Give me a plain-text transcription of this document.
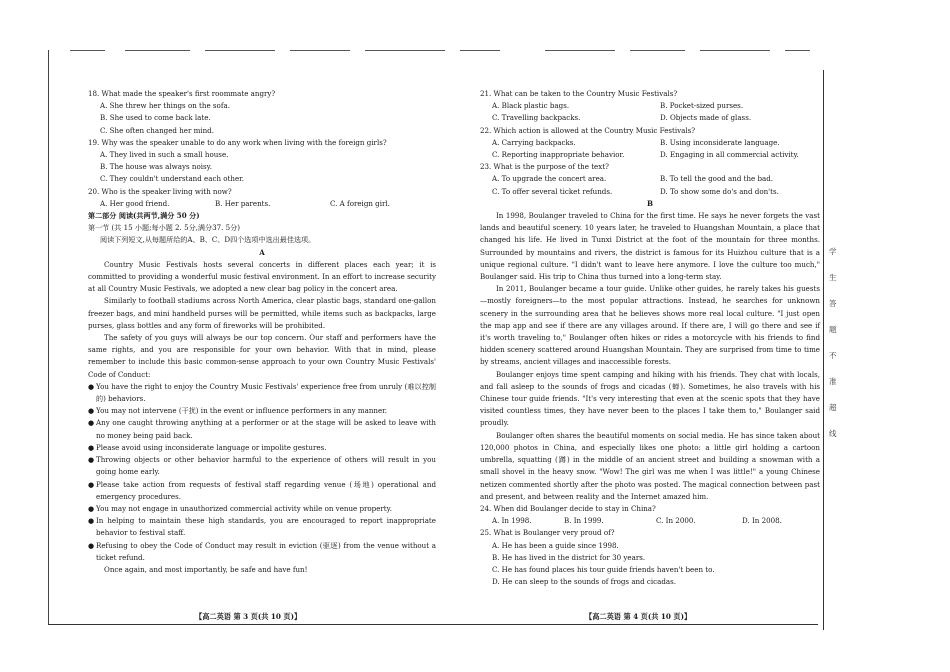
18. What made the speaker's first roommate angry?
A. She threw her things on the sofa.
B. She used to come back late.
C. She often changed her mind.
19. Why was the speaker unable to do any work when living with the foreign girls?
A. They lived in such a small house.
B. The house was always noisy.
C. They couldn't understand each other.
20. Who is the speaker living with now?
A. Her good friend.	B. Her parents.	C. A foreign girl.
第二部分 阅读(共两节,满分 50 分)
第一节 (共 15 小题;每小题 2. 5分,满分37. 5分)
阅读下列短文,从每题所给的A、B、C、D四个选项中选出最佳选项。
A
Country Music Festivals hosts several concerts in different places each year; it is committed to providing a wonderful music festival environment. In an effort to increase security at all Country Music Festivals, we adopted a new clear bag policy in the concert area.
Similarly to football stadiums across North America, clear plastic bags, standard one-gallon freezer bags, and mini handheld purses will be permitted, while items such as backpacks, large purses, glass bottles and any form of fireworks will be prohibited.
The safety of you guys will always be our top concern. Our staff and performers have the same rights, and you are responsible for your own behavior. With that in mind, please remember to include this basic common-sense approach to your own Country Music Festivals' Code of Conduct:
● You have the right to enjoy the Country Music Festivals' experience free from unruly (难以控制的) behaviors.
● You may not intervene (干扰) in the event or influence performers in any manner.
● Any one caught throwing anything at a performer or at the stage will be asked to leave with no money being paid back.
● Please avoid using inconsiderate language or impolite gestures.
● Throwing objects or other behavior harmful to the experience of others will result in you going home early.
● Please take action from requests of festival staff regarding venue (场地) operational and emergency procedures.
● You may not engage in unauthorized commercial activity while on venue property.
● In helping to maintain these high standards, you are encouraged to report inappropriate behavior to festival staff.
● Refusing to obey the Code of Conduct may result in eviction (驱逐) from the venue without a ticket refund.
Once again, and most importantly, be safe and have fun!
【高二英语 第 3 页(共 10 页)】
21. What can be taken to the Country Music Festivals?
A. Black plastic bags.	B. Pocket-sized purses.
C. Travelling backpacks.	D. Objects made of glass.
22. Which action is allowed at the Country Music Festivals?
A. Carrying backpacks.	B. Using inconsiderate language.
C. Reporting inappropriate behavior.	D. Engaging in all commercial activity.
23. What is the purpose of the text?
A. To upgrade the concert area.	B. To tell the good and the bad.
C. To offer several ticket refunds.	D. To show some do's and don'ts.
B
In 1998, Boulanger traveled to China for the first time. He says he never forgets the vast lands and beautiful scenery. 10 years later, he traveled to Huangshan Mountain, a place that changed his life. He lived in Tunxi District at the foot of the mountain for three months. Surrounded by mountains and rivers, the district is famous for its Huizhou culture that is a unique regional culture. "I didn't want to leave here anymore. I love the culture too much," Boulanger said. His trip to China thus turned into a long-term stay.
In 2011, Boulanger became a tour guide. Unlike other guides, he rarely takes his guests—mostly foreigners—to the most popular attractions. Instead, he searches for unknown scenery in the surrounding area that he believes shows more real local culture. "I just open the map app and see if there are any villages around. If there are, I will go there and see if it's worth traveling to," Boulanger often hikes or rides a motorcycle with his friends to find hidden scenery scattered around Huangshan Mountain. They are surprised from time to time by streams, ancient villages and inaccessible forests.
Boulanger enjoys time spent camping and hiking with his friends. They chat with locals, and fall asleep to the sounds of frogs and cicadas (蝉). Sometimes, he also travels with his Chinese tour guide friends. "It's very interesting that even at the scenic spots that they have visited countless times, they have never been to the places I take them to," Boulanger said proudly.
Boulanger often shares the beautiful moments on social media. He has since taken about 120,000 photos in China, and especially likes one photo: a little girl holding a cartoon umbrella, squatting (蹲) in the middle of an ancient street and building a snowman with a small shovel in the heavy snow. "Wow! The girl was me when I was little!" a young Chinese netizen commented shortly after the photo was posted. The magical connection between past and present, and between reality and the Internet amazed him.
24. When did Boulanger decide to stay in China?
A. In 1998.	B. In 1999.	C. In 2000.	D. In 2008.
25. What is Boulanger very proud of?
A. He has been a guide since 1998.
B. He has lived in the district for 30 years.
C. He has found places his tour guide friends haven't been to.
D. He can sleep to the sounds of frogs and cicadas.
【高二英语 第 4 页(共 10 页)】
学
生
答
题
不
准
超
线
